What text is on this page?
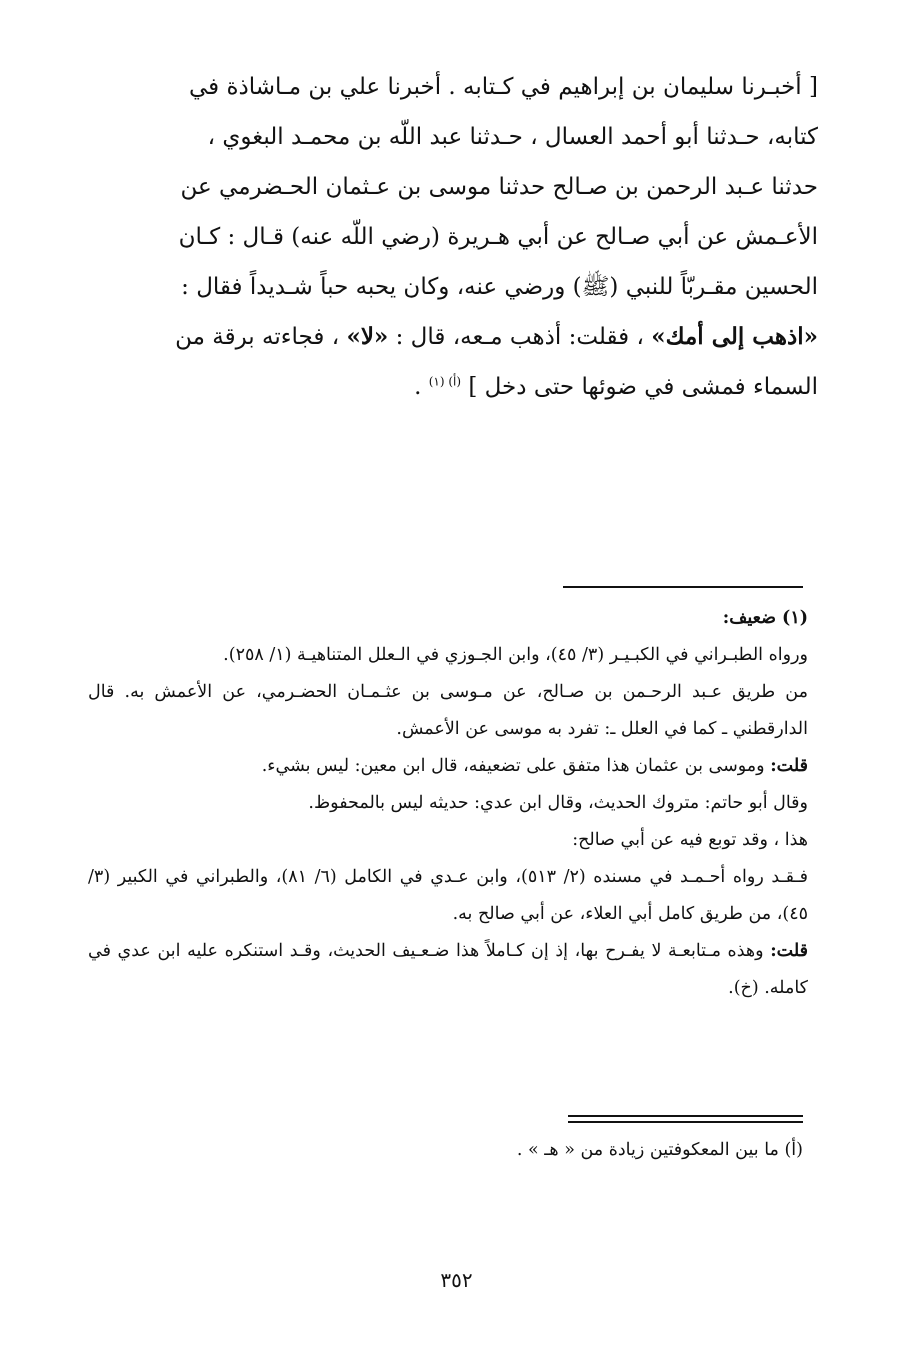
[ أخبـرنا سليمان بن إبراهيم في كـتابه . أخبرنا علي بن مـاشاذة في

كتابه، حـدثنا أبو أحمد العسال ، حـدثنا عبد اللّه بن محمـد البغوي ،

حدثنا عـبد الرحمن بن صـالح حدثنا موسى بن عـثمان الحـضرمي عن

الأعـمش عن أبي صـالح عن أبي هـريرة (رضي اللّه عنه) قـال : كـان

الحسين مقـربّاً للنبي (ﷺ) ورضي عنه، وكان يحبه حباً شـديداً فقال :

«اذهب إلى أمك» ، فقلت: أذهب مـعه، قال : «لا» ، فجاءته برقة من

السماء فمشى في ضوئها حتى دخل ] $^{(أ) (١)}$ .

(١) ضعيف:

ورواه الطبـراني في الكبـيـر (٣/ ٤٥)، وابن الجـوزي في الـعلل المتناهيـة (١/ ٢٥٨).

من طريق عـبد الرحـمن بن صـالح، عن مـوسى بن عثـمـان الحضـرمي، عن الأعمش به. قال الدارقطني ـ كما في العلل ـ: تفرد به موسى عن الأعمش.

قلت: وموسى بن عثمان هذا متفق على تضعيفه، قال ابن معين: ليس بشيء.

وقال أبو حاتم: متروك الحديث، وقال ابن عدي: حديثه ليس بالمحفوظ.

هذا ، وقد توبع فيه عن أبي صالح:

فـقـد رواه أحـمـد في مسنده (٢/ ٥١٣)، وابن عـدي في الكامل (٦/ ٨١)، والطبراني في الكبير (٣/ ٤٥)، من طريق كامل أبي العلاء، عن أبي صالح به.

قلت: وهذه مـتابعـة لا يفـرح بها، إذ إن كـاملاً هذا ضـعـيف الحديث، وقـد استنكره عليه ابن عدي في كامله. (خ).

(أ) ما بين المعكوفتين زيادة من « هـ » .
٣٥٢
